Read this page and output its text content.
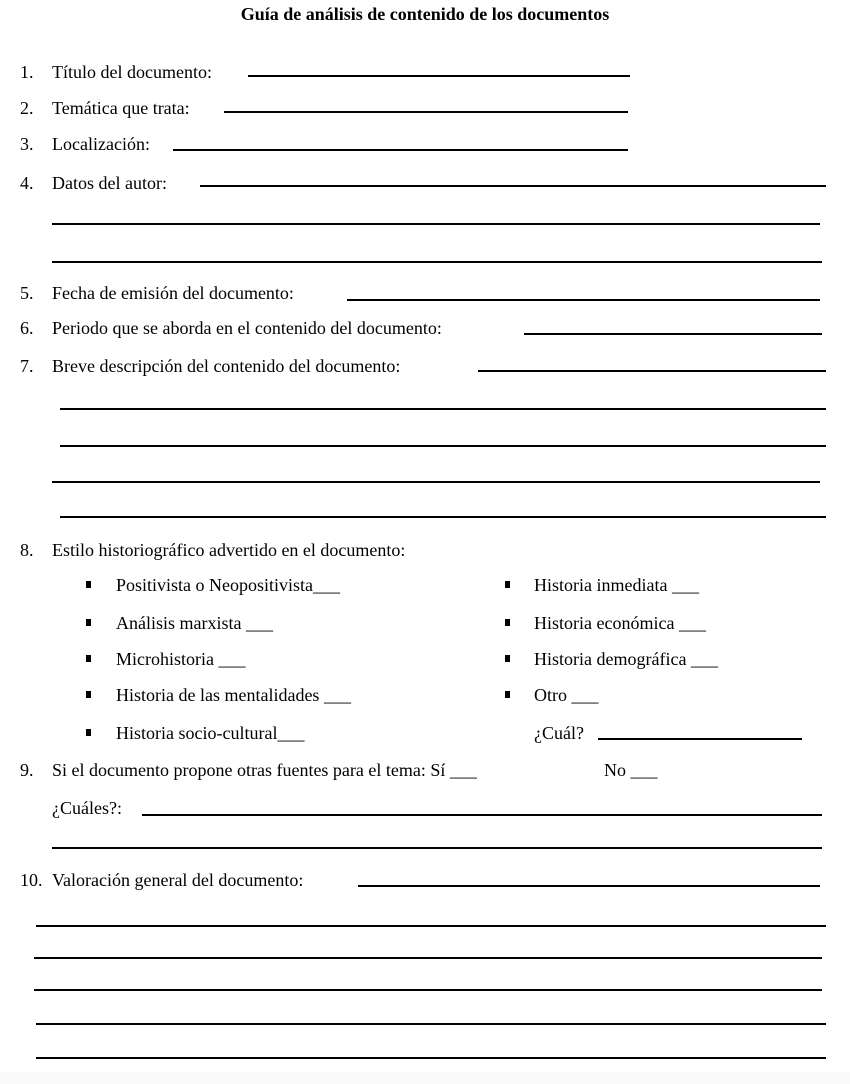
Guía de análisis de contenido de los documentos
1. Título del documento:
2. Temática que trata:
3. Localización:
4. Datos del autor:
5. Fecha de emisión del documento:
6. Periodo que se aborda en el contenido del documento:
7. Breve descripción del contenido del documento:
8. Estilo historiográfico advertido en el documento:
Positivista o Neopositivista___
Análisis marxista ___
Microhistoria ___
Historia de las mentalidades ___
Historia socio-cultural___
Historia inmediata ___
Historia económica ___
Historia demográfica ___
Otro ___
¿Cuál?
9. Si el documento propone otras fuentes para el tema: Sí ___	No ___
¿Cuáles?:
10. Valoración general del documento:
